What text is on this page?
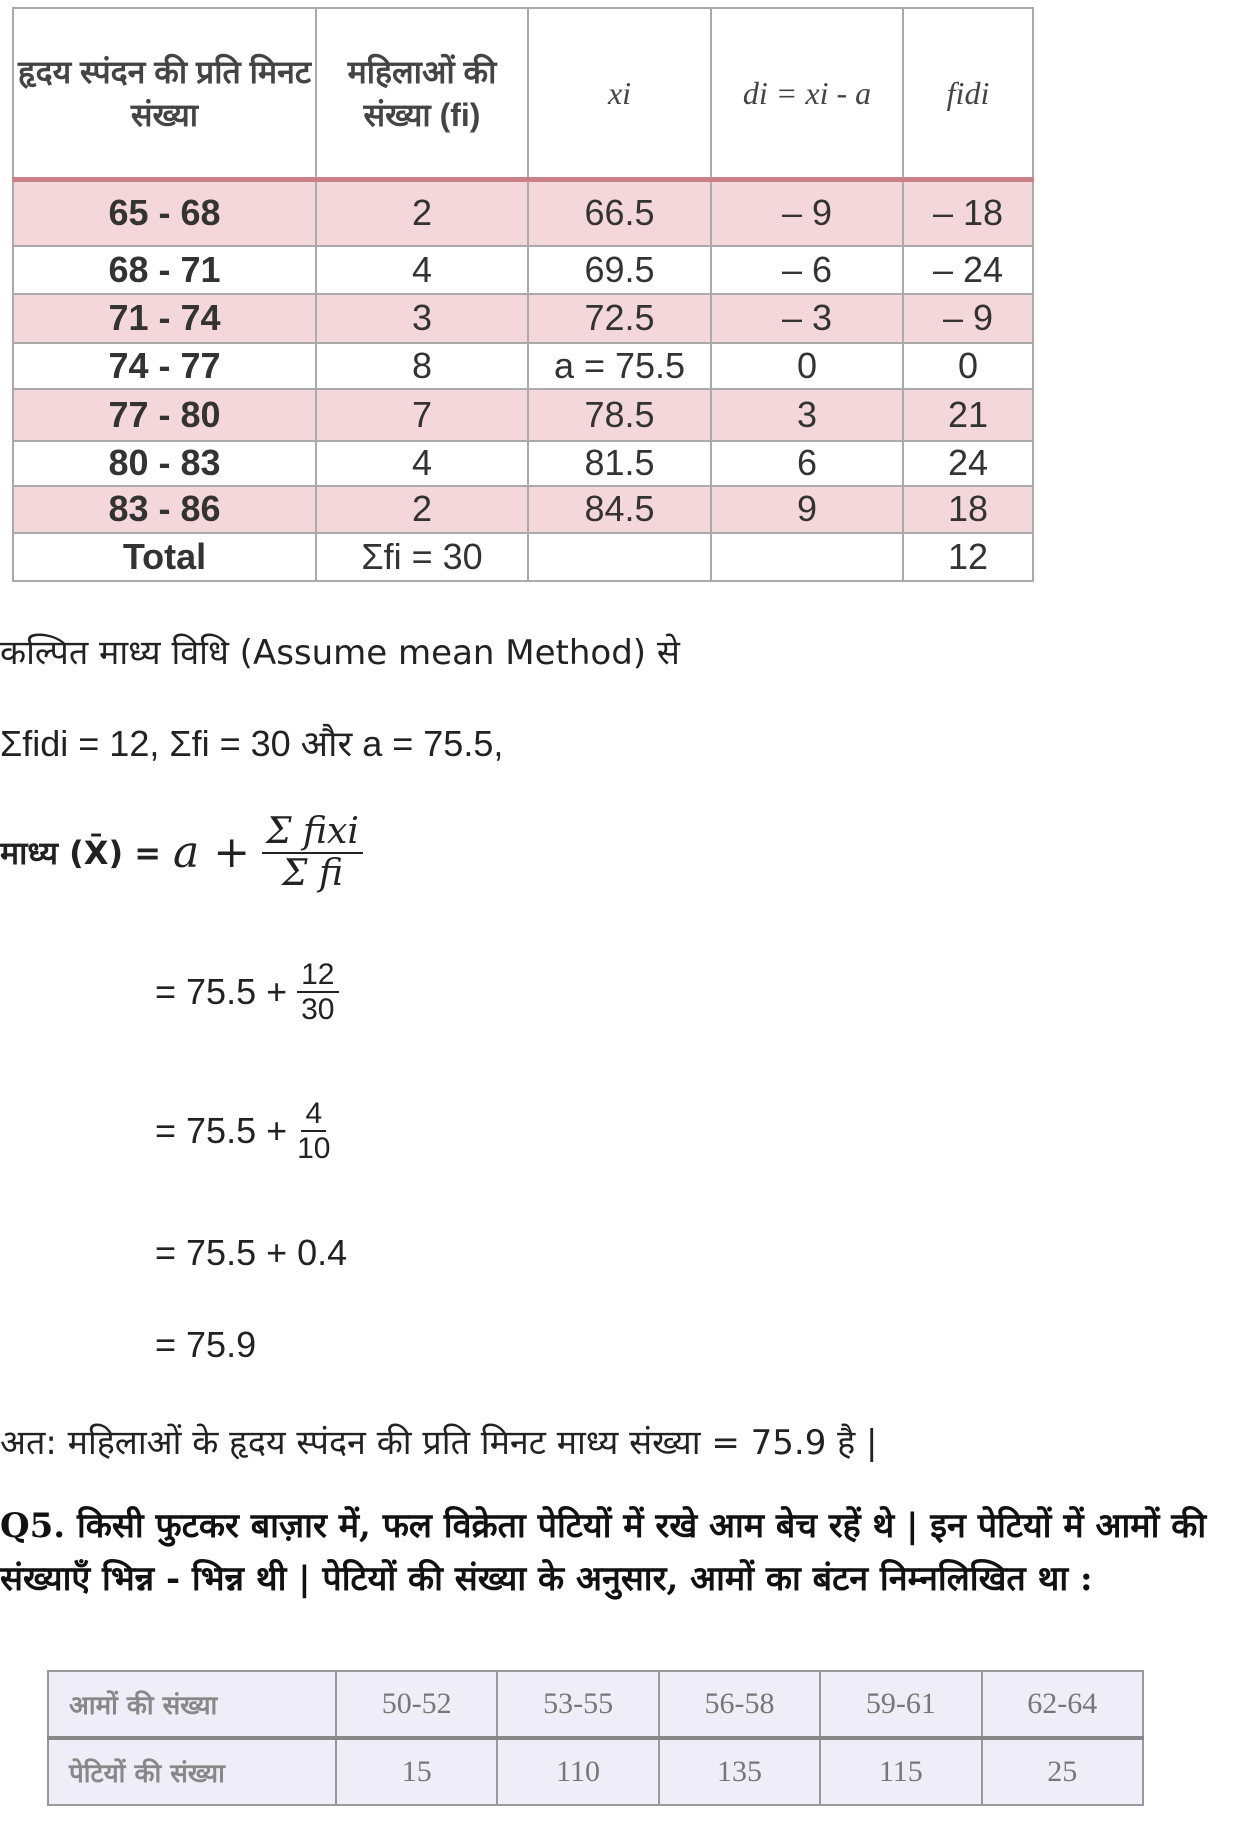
हृदय स्पंदन की प्रति मिनट संख्या	महिलाओं की संख्या (fi)	xi	di = xi - a	fidi
65 - 68	2	66.5	– 9	– 18
68 - 71	4	69.5	– 6	– 24
71 - 74	3	72.5	– 3	– 9
74 - 77	8	a = 75.5	0	0
77 - 80	7	78.5	3	21
80 - 83	4	81.5	6	24
83 - 86	2	84.5	9	18
Total	Σfi = 30			12
कल्पित माध्य विधि (Assume mean Method) से
Σfidi = 12, Σfi = 30 और a = 75.5,
माध्य (X̄) = $a + \frac{\text{Σ fixi}}{\text{Σ fi}}$
= $75.5 + \frac{12}{30}$
= $75.5 + \frac{4}{10}$
= 75.5 + 0.4
= 75.9
अत: महिलाओं के हृदय स्पंदन की प्रति मिनट माध्य संख्या = 75.9 है |
Q5. किसी फुटकर बाज़ार में, फल विक्रेता पेटियों में रखे आम बेच रहें थे | इन पेटियों में आमों की संख्याएँ भिन्न - भिन्न थी | पेटियों की संख्या के अनुसार, आमों का बंटन निम्नलिखित था :
आमों की संख्या	50-52	53-55	56-58	59-61	62-64
पेटियों की संख्या	15	110	135	115	25
